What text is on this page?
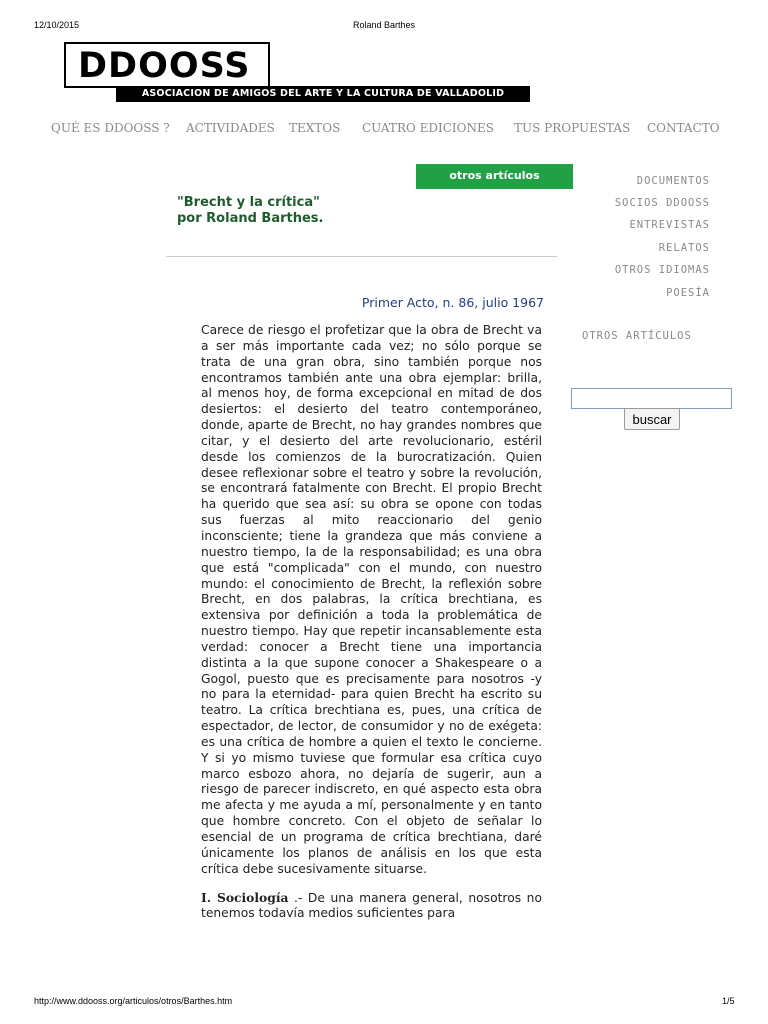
12/10/2015	Roland Barthes
DDOOSS
ASOCIACION DE AMIGOS DEL ARTE Y LA CULTURA DE VALLADOLID
QUÉ ES DDOOSS ? ACTIVIDADES TEXTOS CUATRO EDICIONES TUS PROPUESTAS CONTACTO
otros artículos
"Brecht y la crítica"
por Roland Barthes.
Primer Acto, n. 86, julio 1967

Carece de riesgo el profetizar que la obra de Brecht va a ser más importante cada vez; no sólo porque se trata de una gran obra, sino también porque nos encontramos también ante una obra ejemplar: brilla, al menos hoy, de forma excepcional en mitad de dos desiertos: el desierto del teatro contemporáneo, donde, aparte de Brecht, no hay grandes nombres que citar, y el desierto del arte revolucionario, estéril desde los comienzos de la burocratización. Quien desee reflexionar sobre el teatro y sobre la revolución, se encontrará fatalmente con Brecht. El propio Brecht ha querido que sea así: su obra se opone con todas sus fuerzas al mito reaccionario del genio inconsciente; tiene la grandeza que más conviene a nuestro tiempo, la de la responsabilidad; es una obra que está "complicada" con el mundo, con nuestro mundo: el conocimiento de Brecht, la reflexión sobre Brecht, en dos palabras, la crítica brechtiana, es extensiva por definición a toda la problemática de nuestro tiempo. Hay que repetir incansablemente esta verdad: conocer a Brecht tiene una importancia distinta a la que supone conocer a Shakespeare o a Gogol, puesto que es precisamente para nosotros -y no para la eternidad- para quien Brecht ha escrito su teatro. La crítica brechtiana es, pues, una crítica de espectador, de lector, de consumidor y no de exégeta: es una crítica de hombre a quien el texto le concierne. Y si yo mismo tuviese que formular esa crítica cuyo marco esbozo ahora, no dejaría de sugerir, aun a riesgo de parecer indiscreto, en qué aspecto esta obra me afecta y me ayuda a mí, personalmente y en tanto que hombre concreto. Con el objeto de señalar lo esencial de un programa de crítica brechtiana, daré únicamente los planos de análisis en los que esta crítica debe sucesivamente situarse.

I. Sociología .- De una manera general, nosotros no tenemos todavía medios suficientes para

DOCUMENTOS
SOCIOS DDOOSS
ENTREVISTAS
RELATOS
OTROS IDIOMAS
POESÍA
OTROS ARTÍCULOS
buscar
http://www.ddooss.org/articulos/otros/Barthes.htm	1/5
